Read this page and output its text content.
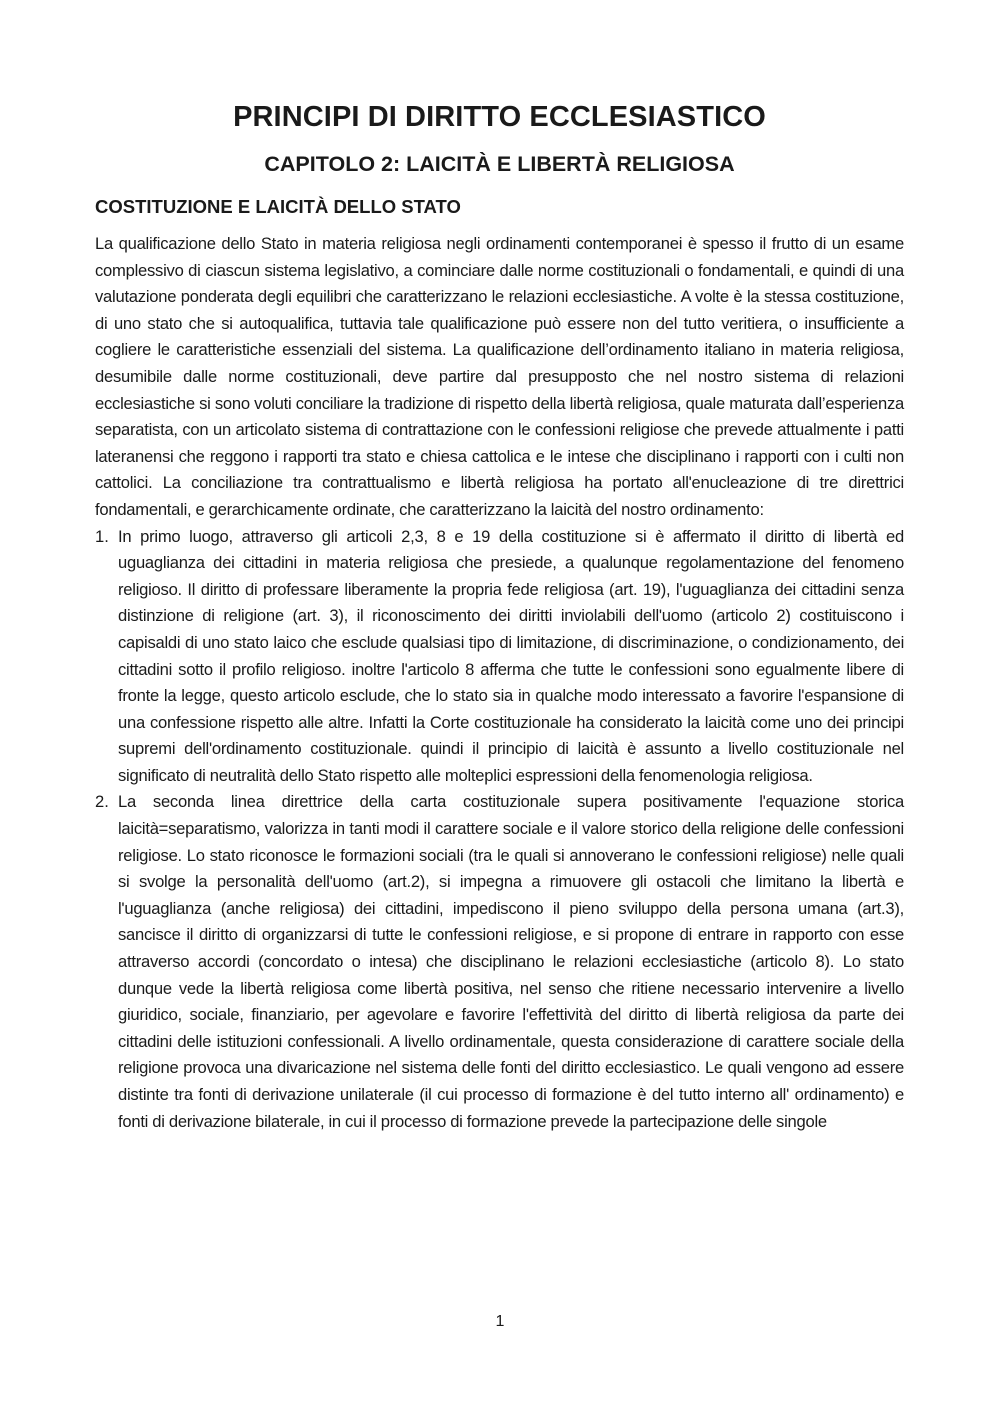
PRINCIPI DI DIRITTO ECCLESIASTICO
CAPITOLO 2: LAICITÀ E LIBERTÀ RELIGIOSA
COSTITUZIONE E LAICITÀ DELLO STATO

La qualificazione dello Stato in materia religiosa negli ordinamenti contemporanei è spesso il frutto di un esame complessivo di ciascun sistema legislativo, a cominciare dalle norme costituzionali o fondamentali, e quindi di una valutazione ponderata degli equilibri che caratterizzano le relazioni ecclesiastiche. A volte è la stessa costituzione, di uno stato che si autoqualifica, tuttavia tale qualificazione può essere non del tutto veritiera, o insufficiente a cogliere le caratteristiche essenziali del sistema. La qualificazione dell’ordinamento italiano in materia religiosa, desumibile dalle norme costituzionali, deve partire dal presupposto che nel nostro sistema di relazioni ecclesiastiche si sono voluti conciliare la tradizione di rispetto della libertà religiosa, quale maturata dall’esperienza separatista, con un articolato sistema di contrattazione con le confessioni religiose che prevede attualmente i patti lateranensi che reggono i rapporti tra stato e chiesa cattolica e le intese che disciplinano i rapporti con i culti non cattolici. La conciliazione tra contrattualismo e libertà religiosa ha portato all'enucleazione di tre direttrici fondamentali, e gerarchicamente ordinate, che caratterizzano la laicità del nostro ordinamento:

1. In primo luogo, attraverso gli articoli 2,3, 8 e 19 della costituzione si è affermato il diritto di libertà ed uguaglianza dei cittadini in materia religiosa che presiede, a qualunque regolamentazione del fenomeno religioso. Il diritto di professare liberamente la propria fede religiosa (art. 19), l'uguaglianza dei cittadini senza distinzione di religione (art. 3), il riconoscimento dei diritti inviolabili dell'uomo (articolo 2) costituiscono i capisaldi di uno stato laico che esclude qualsiasi tipo di limitazione, di discriminazione, o condizionamento, dei cittadini sotto il profilo religioso. inoltre l'articolo 8 afferma che tutte le confessioni sono egualmente libere di fronte la legge, questo articolo esclude, che lo stato sia in qualche modo interessato a favorire l'espansione di una confessione rispetto alle altre. Infatti la Corte costituzionale ha considerato la laicità come uno dei principi supremi dell'ordinamento costituzionale. quindi il principio di laicità è assunto a livello costituzionale nel significato di neutralità dello Stato rispetto alle molteplici espressioni della fenomenologia religiosa.

2. La seconda linea direttrice della carta costituzionale supera positivamente l'equazione storica laicità=separatismo, valorizza in tanti modi il carattere sociale e il valore storico della religione delle confessioni religiose. Lo stato riconosce le formazioni sociali (tra le quali si annoverano le confessioni religiose) nelle quali si svolge la personalità dell'uomo (art.2), si impegna a rimuovere gli ostacoli che limitano la libertà e l'uguaglianza (anche religiosa) dei cittadini, impediscono il pieno sviluppo della persona umana (art.3), sancisce il diritto di organizzarsi di tutte le confessioni religiose, e si propone di entrare in rapporto con esse attraverso accordi (concordato o intesa) che disciplinano le relazioni ecclesiastiche (articolo 8). Lo stato dunque vede la libertà religiosa come libertà positiva, nel senso che ritiene necessario intervenire a livello giuridico, sociale, finanziario, per agevolare e favorire l'effettività del diritto di libertà religiosa da parte dei cittadini delle istituzioni confessionali. A livello ordinamentale, questa considerazione di carattere sociale della religione provoca una divaricazione nel sistema delle fonti del diritto ecclesiastico. Le quali vengono ad essere distinte tra fonti di derivazione unilaterale (il cui processo di formazione è del tutto interno all' ordinamento) e fonti di derivazione bilaterale, in cui il processo di formazione prevede la partecipazione delle singole

1
